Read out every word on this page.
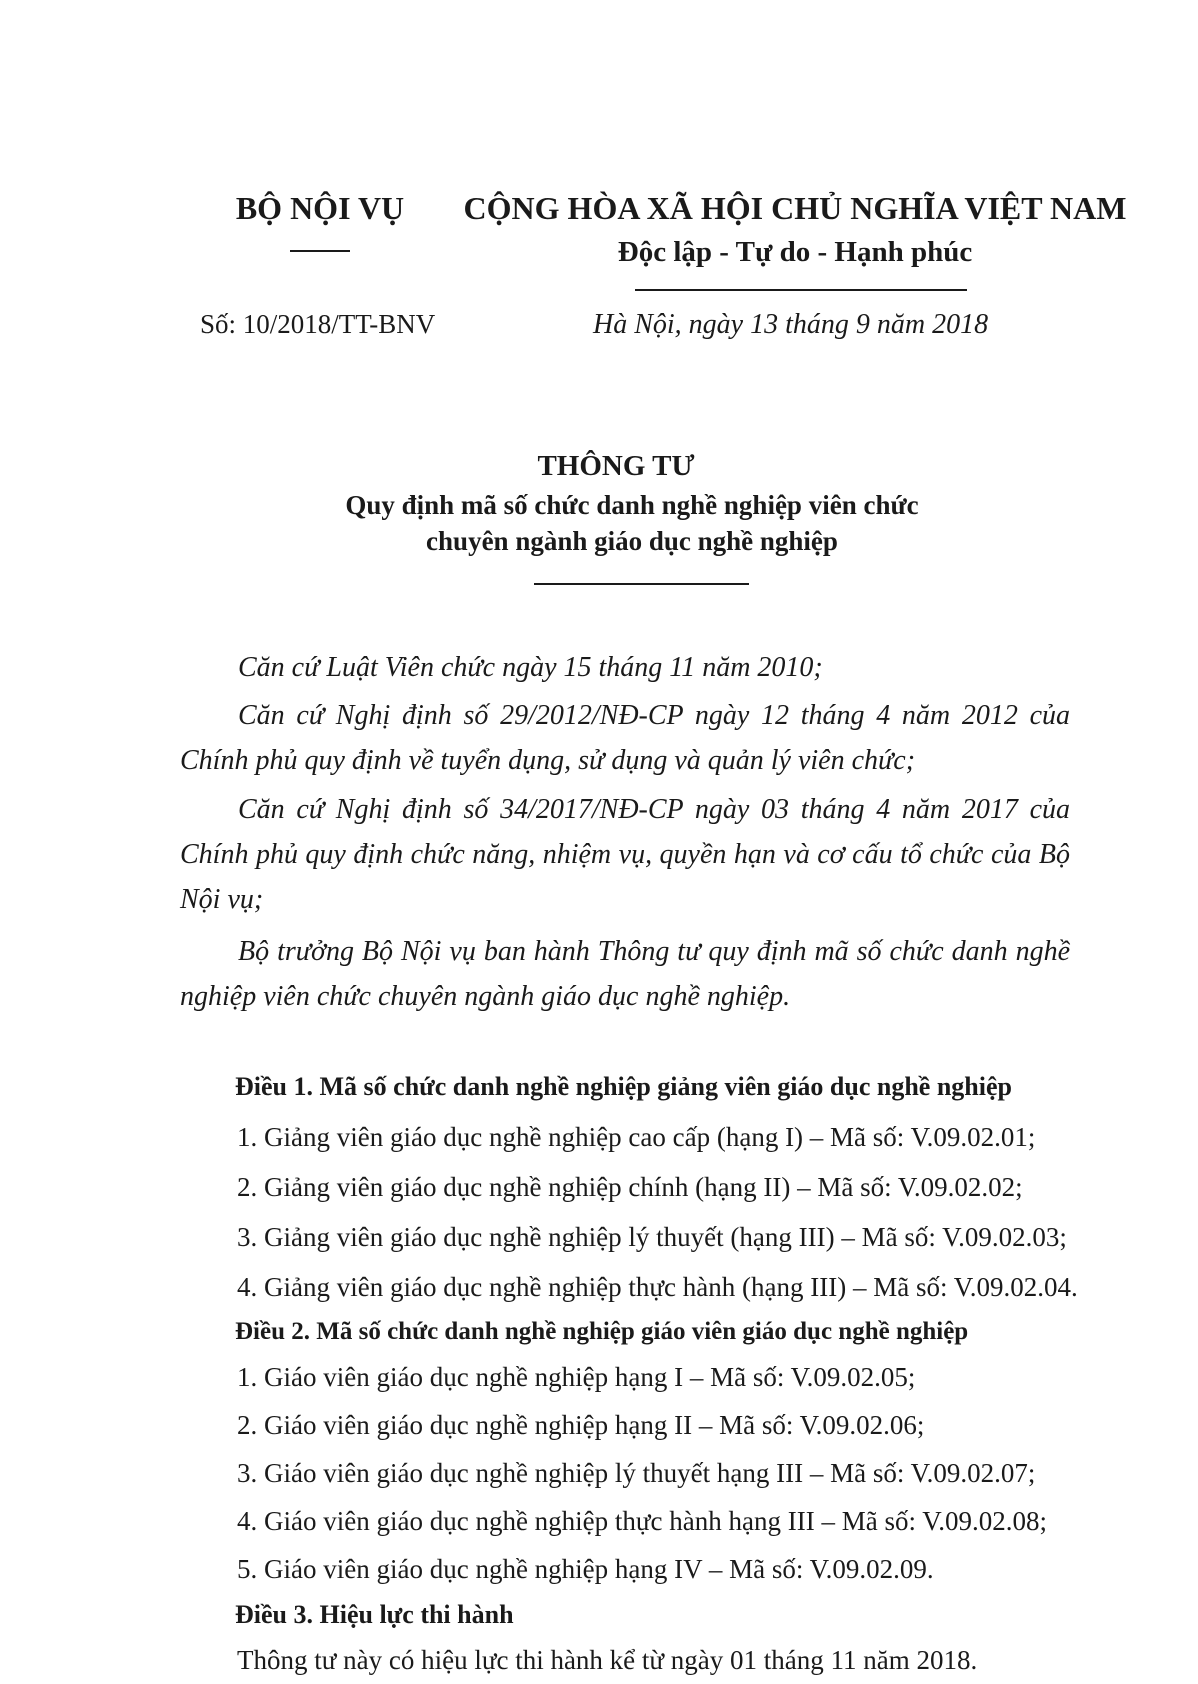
BỘ NỘI VỤ CỘNG HÒA XÃ HỘI CHỦ NGHĨA VIỆT NAM
Độc lập - Tự do - Hạnh phúc
Số: 10/2018/TT-BNV	Hà Nội, ngày 13 tháng 9 năm 2018
THÔNG TƯ
Quy định mã số chức danh nghề nghiệp viên chức
chuyên ngành giáo dục nghề nghiệp
Căn cứ Luật Viên chức ngày 15 tháng 11 năm 2010;
Căn cứ Nghị định số 29/2012/NĐ-CP ngày 12 tháng 4 năm 2012 của Chính phủ quy định về tuyển dụng, sử dụng và quản lý viên chức;
Căn cứ Nghị định số 34/2017/NĐ-CP ngày 03 tháng 4 năm 2017 của Chính phủ quy định chức năng, nhiệm vụ, quyền hạn và cơ cấu tổ chức của Bộ Nội vụ;
Bộ trưởng Bộ Nội vụ ban hành Thông tư quy định mã số chức danh nghề nghiệp viên chức chuyên ngành giáo dục nghề nghiệp.
Điều 1. Mã số chức danh nghề nghiệp giảng viên giáo dục nghề nghiệp
1. Giảng viên giáo dục nghề nghiệp cao cấp (hạng I) – Mã số: V.09.02.01;
2. Giảng viên giáo dục nghề nghiệp chính (hạng II) – Mã số: V.09.02.02;
3. Giảng viên giáo dục nghề nghiệp lý thuyết (hạng III) – Mã số: V.09.02.03;
4. Giảng viên giáo dục nghề nghiệp thực hành (hạng III) – Mã số: V.09.02.04.
Điều 2. Mã số chức danh nghề nghiệp giáo viên giáo dục nghề nghiệp
1. Giáo viên giáo dục nghề nghiệp hạng I – Mã số: V.09.02.05;
2. Giáo viên giáo dục nghề nghiệp hạng II – Mã số: V.09.02.06;
3. Giáo viên giáo dục nghề nghiệp lý thuyết hạng III – Mã số: V.09.02.07;
4. Giáo viên giáo dục nghề nghiệp thực hành hạng III – Mã số: V.09.02.08;
5. Giáo viên giáo dục nghề nghiệp hạng IV – Mã số: V.09.02.09.
Điều 3. Hiệu lực thi hành
Thông tư này có hiệu lực thi hành kể từ ngày 01 tháng 11 năm 2018.
